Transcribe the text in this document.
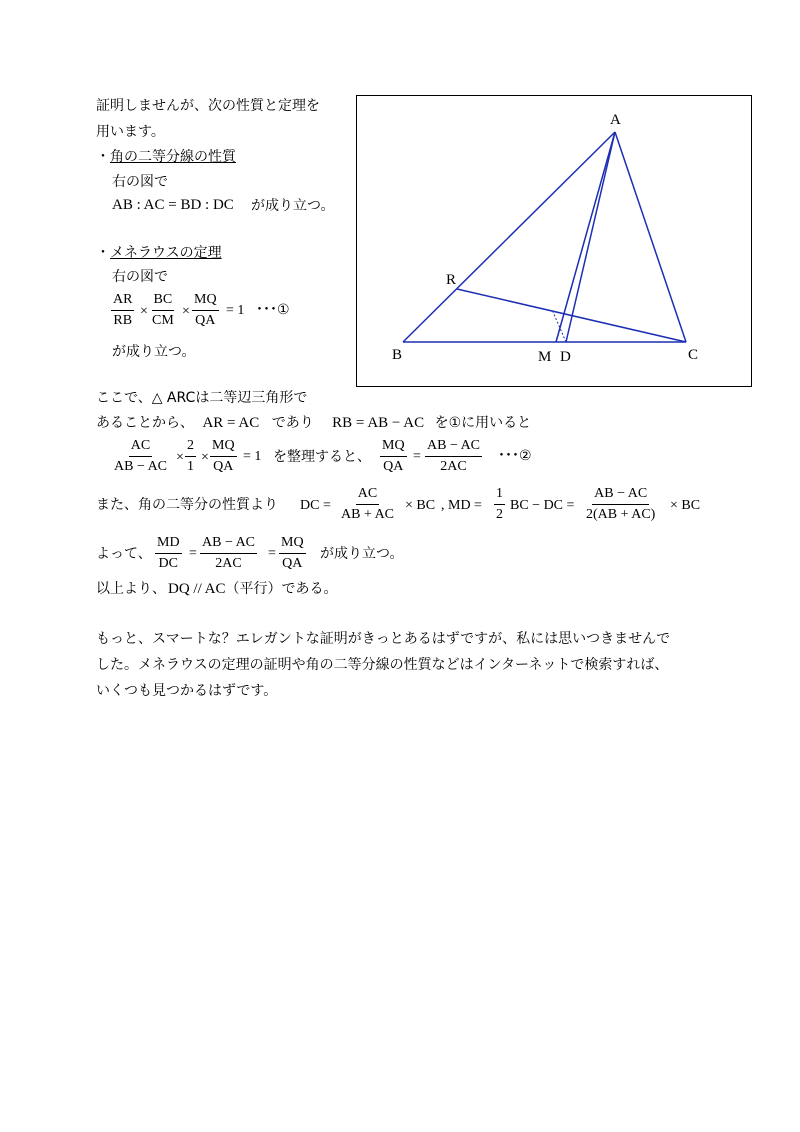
証明しませんが、次の性質と定理を
用います。
・角の二等分線の性質
右の図で
AB : AC = BD : DC が成り立つ。
・メネラウスの定理
右の図で
$\frac{AR}{RB} \times \frac{BC}{CM} \times \frac{MQ}{QA} = 1$ ･･･①
が成り立つ。
A
B	C
R
M D
ここで、△ ARCは二等辺三角形で
あることから、 AR = AC であり RB = AB − AC を①に用いると
$\frac{AC}{AB - AC} \times \frac{2}{1} \times \frac{MQ}{QA} = 1$ を整理すると、 $\frac{MQ}{QA} = \frac{AB - AC}{2AC}$ ･･･②
また、角の二等分の性質より DC = $\frac{AC}{AB + AC}$ × BC , MD = $\frac{1}{2}$ BC − DC = $\frac{AB - AC}{2(AB + AC)}$ × BC
よって、 $\frac{MD}{DC} = \frac{AB - AC}{2AC} = \frac{MQ}{QA}$ が成り立つ。
以上より、 DQ // AC（平行）である。
もっと、スマートな？エレガントな証明がきっとあるはずですが、私には思いつきませんで
した。メネラウスの定理の証明や角の二等分線の性質などはインターネットで検索すれば、
いくつも見つかるはずです。
